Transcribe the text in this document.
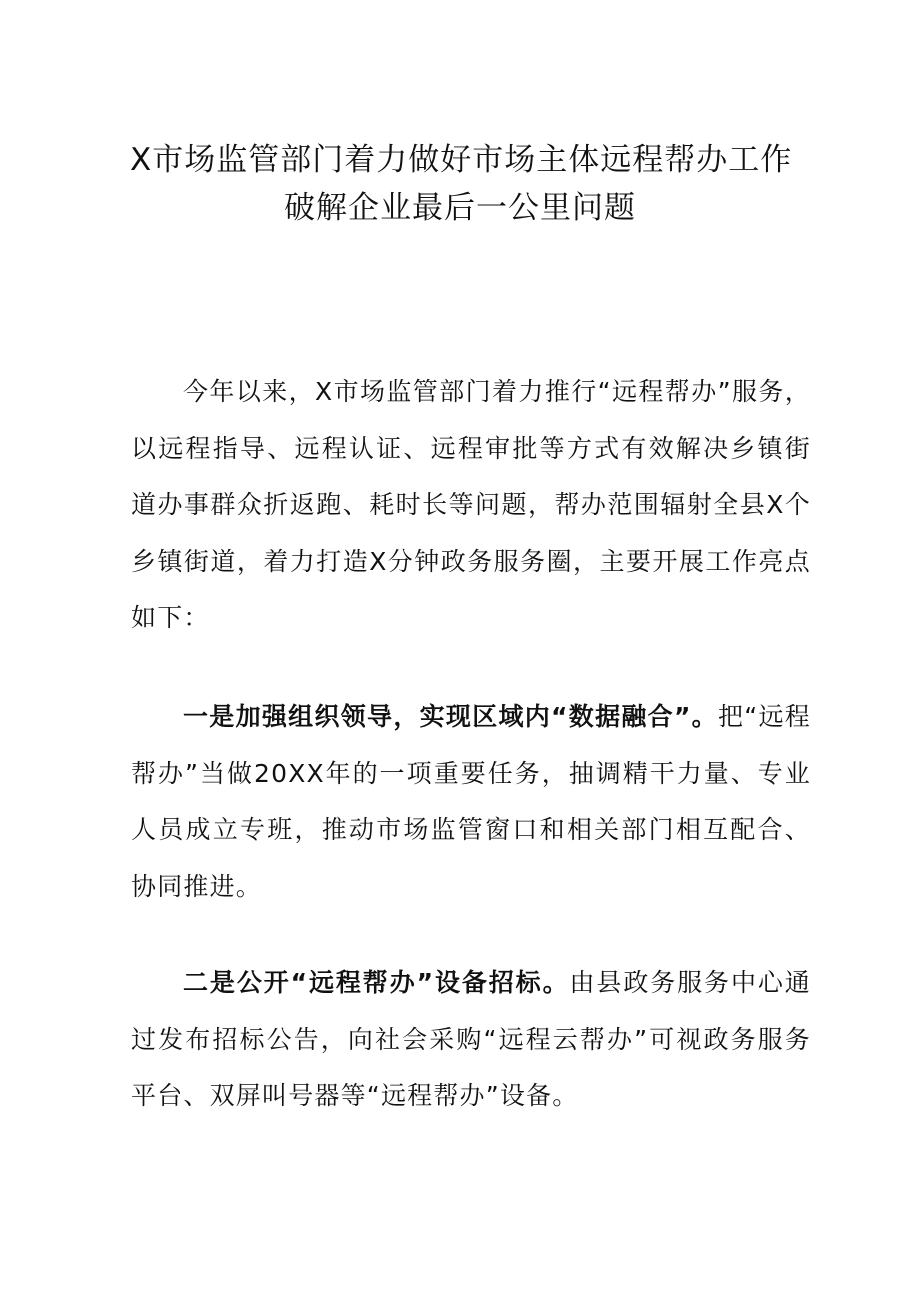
X市场监管部门着力做好市场主体远程帮办工作
破解企业最后一公里问题

今年以来，X市场监管部门着力推行“远程帮办”服务，以远程指导、远程认证、远程审批等方式有效解决乡镇街道办事群众折返跑、耗时长等问题，帮办范围辐射全县X个乡镇街道，着力打造X分钟政务服务圈，主要开展工作亮点如下：

一是加强组织领导，实现区域内“数据融合”。把“远程帮办”当做20XX年的一项重要任务，抽调精干力量、专业人员成立专班，推动市场监管窗口和相关部门相互配合、协同推进。

二是公开“远程帮办”设备招标。由县政务服务中心通过发布招标公告，向社会采购“远程云帮办”可视政务服务平台、双屏叫号器等“远程帮办”设备。
